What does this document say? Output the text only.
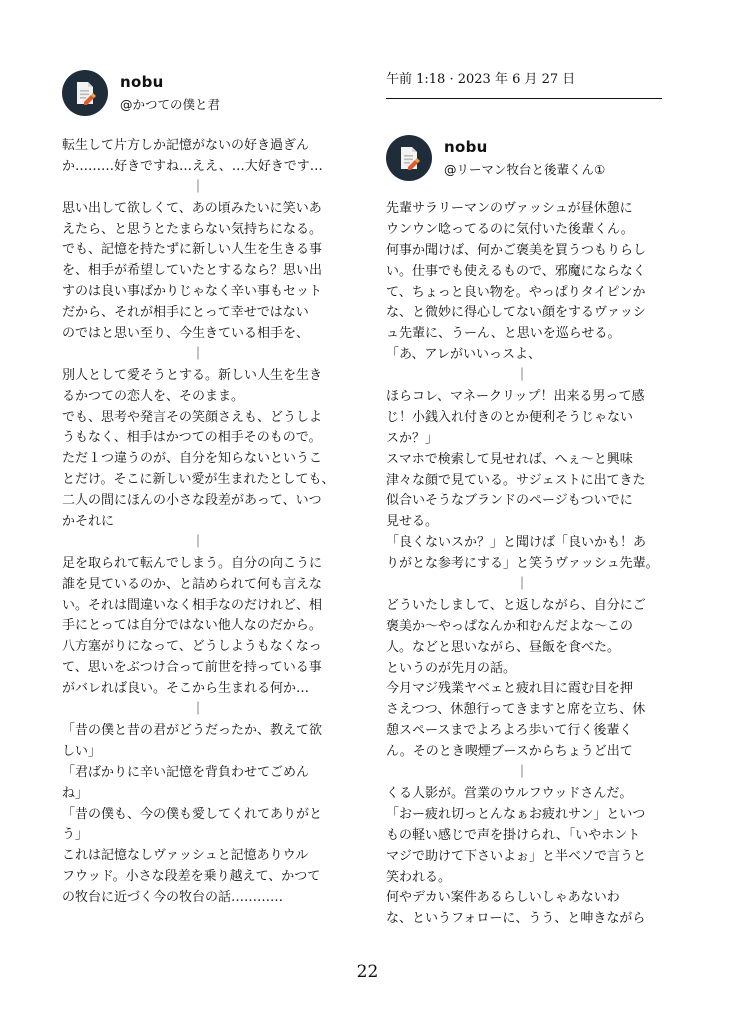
nobu
@かつての僕と君
転生して片方しか記憶がないの好き過ぎん
か………好きですね…ええ、…大好きです…
｜
思い出して欲しくて、あの頃みたいに笑いあ
えたら、と思うとたまらない気持ちになる。
でも、記憶を持たずに新しい人生を生きる事
を、相手が希望していたとするなら？思い出
すのは良い事ばかりじゃなく辛い事もセット
だから、それが相手にとって幸せではない
のではと思い至り、今生きている相手を、
｜
別人として愛そうとする。新しい人生を生き
るかつての恋人を、そのまま。
でも、思考や発言その笑顔さえも、どうしよ
うもなく、相手はかつての相手そのもので。
ただ１つ違うのが、自分を知らないというこ
とだけ。そこに新しい愛が生まれたとしても、
二人の間にほんの小さな段差があって、いつ
かそれに
｜
足を取られて転んでしまう。自分の向こうに
誰を見ているのか、と詰められて何も言えな
い。それは間違いなく相手なのだけれど、相
手にとっては自分ではない他人なのだから。
八方塞がりになって、どうしようもなくなっ
て、思いをぶつけ合って前世を持っている事
がバレれば良い。そこから生まれる何か…
｜
「昔の僕と昔の君がどうだったか、教えて欲
しい」
「君ばかりに辛い記憶を背負わせてごめん
ね」
「昔の僕も、今の僕も愛してくれてありがと
う」
これは記憶なしヴァッシュと記憶ありウル
フウッド。小さな段差を乗り越えて、かつて
の牧台に近づく今の牧台の話…………
午前 1:18 · 2023 年 6 月 27 日
nobu
@リーマン牧台と後輩くん①
先輩サラリーマンのヴァッシュが昼休憩に
ウンウン唸ってるのに気付いた後輩くん。
何事か聞けば、何かご褒美を買うつもりらし
い。仕事でも使えるもので、邪魔にならなく
て、ちょっと良い物を。やっぱりタイピンか
な、と微妙に得心してない顔をするヴァッシ
ュ先輩に、うーん、と思いを巡らせる。
「あ、アレがいいっスよ、
｜
ほらコレ、マネークリップ！出来る男って感
じ！小銭入れ付きのとか便利そうじゃない
スか？」
スマホで検索して見せれば、へぇ〜と興味
津々な顔で見ている。サジェストに出てきた
似合いそうなブランドのページもついでに
見せる。
「良くないスか？」と聞けば「良いかも！あ
りがとな参考にする」と笑うヴァッシュ先輩。
｜
どういたしまして、と返しながら、自分にご
褒美か〜やっぱなんか和むんだよな〜この
人。などと思いながら、昼飯を食べた。
というのが先月の話。
今月マジ残業ヤベェと疲れ目に霞む目を押
さえつつ、休憩行ってきますと席を立ち、休
憩スペースまでよろよろ歩いて行く後輩く
ん。そのとき喫煙ブースからちょうど出て
｜
くる人影が。営業のウルフウッドさんだ。
「おー疲れ切っとんなぁお疲れサン」といつ
もの軽い感じで声を掛けられ、「いやホント
マジで助けて下さいよぉ」と半ベソで言うと
笑われる。
何やデカい案件あるらしいしゃあないわ
な、というフォローに、うう、と呻きながら
22
